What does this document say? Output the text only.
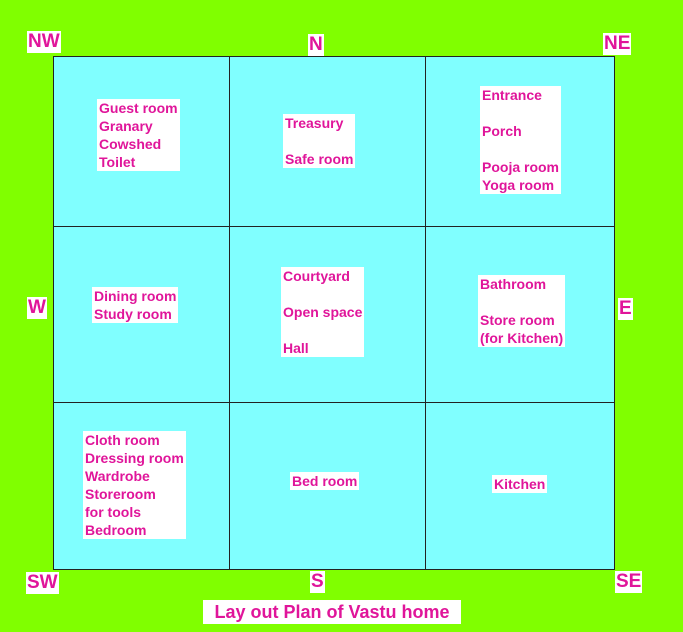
NW	N	NE
W	E
SW	S	SE
Guest room
Granary
Cowshed
Toilet
Treasury

Safe room
Entrance

Porch

Pooja room
Yoga room
Dining room
Study room
Courtyard

Open space

Hall
Bathroom

Store room
(for Kitchen)
Cloth room
Dressing room
Wardrobe
Storeroom
for tools
Bedroom
Bed room	Kitchen
Lay out Plan of Vastu home
